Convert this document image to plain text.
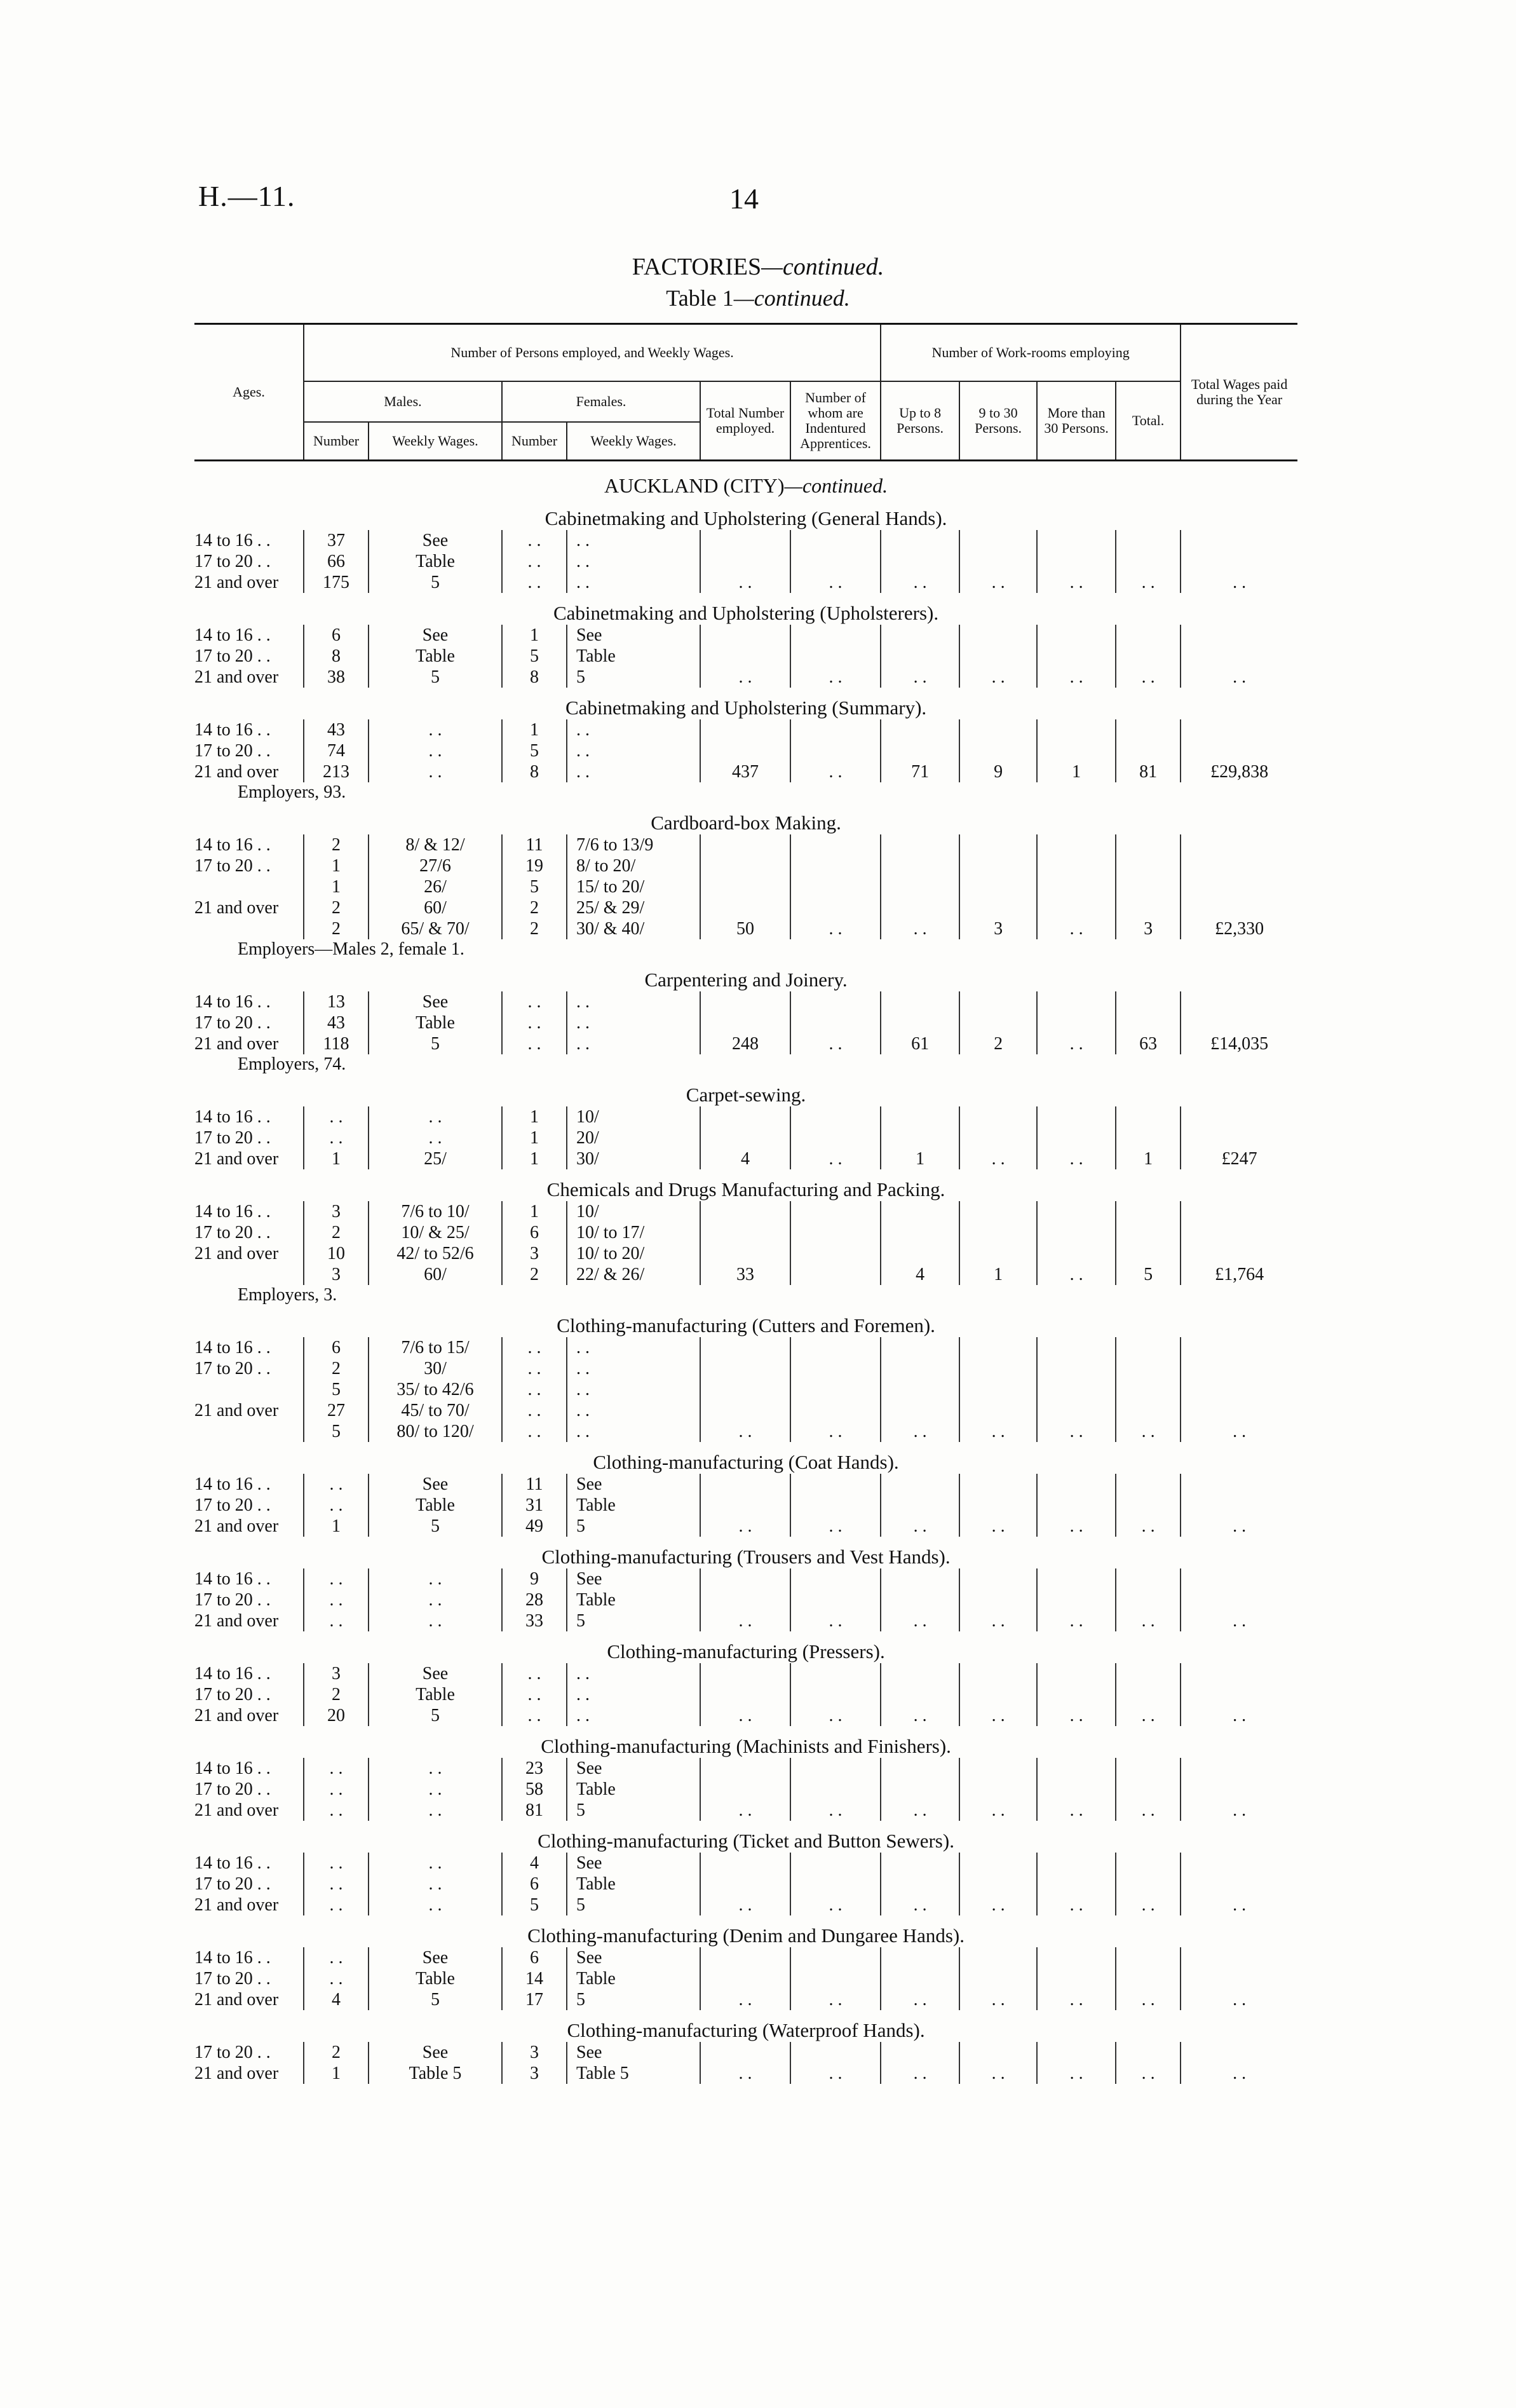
H.—11.	14
FACTORIES—continued.
Table 1—continued.
Ages.	Number of Persons employed, and Weekly Wages.						Number of Work-rooms employing				Total Wages paid during the Year
	Males.		Females.		Total Number employed.	Number of whom are Indentured Apprentices.	Up to 8 Persons.	9 to 30 Persons.	More than 30 Persons.	Total.	
	Number	Weekly Wages.	Number	Weekly Wages.							
AUCKLAND (CITY)—continued.											
Cabinetmaking and Upholstering (General Hands).											
14 to 16 . .	37	See	. .	. .							
17 to 20 . .	66	Table	. .	. .							
21 and over	175	5	. .	. .	. .	. .	. .	. .	. .	. .	. .
Cabinetmaking and Upholstering (Upholsterers).											
14 to 16 . .	6	See	1	See							
17 to 20 . .	8	Table	5	Table							
21 and over	38	5	8	5	. .	. .	. .	. .	. .	. .	. .
Cabinetmaking and Upholstering (Summary).											
14 to 16 . .	43	. .	1	. .							
17 to 20 . .	74	. .	5	. .							
21 and over	213	. .	8	. .	437	. .	71	9	1	81	£29,838
Employers, 93.											
Cardboard-box Making.											
14 to 16 . .	2	8/ & 12/	11	7/6 to 13/9							
17 to 20 . .	1	27/6	19	8/ to 20/							
	1	26/	5	15/ to 20/							
21 and over	2	60/	2	25/ & 29/							
	2	65/ & 70/	2	30/ & 40/	50	. .	. .	3	. .	3	£2,330
Employers—Males 2, female 1.											
Carpentering and Joinery.											
14 to 16 . .	13	See	. .	. .							
17 to 20 . .	43	Table	. .	. .							
21 and over	118	5	. .	. .	248	. .	61	2	. .	63	£14,035
Employers, 74.											
Carpet-sewing.											
14 to 16 . .	. .	. .	1	10/							
17 to 20 . .	. .	. .	1	20/							
21 and over	1	25/	1	30/	4	. .	1	. .	. .	1	£247
Chemicals and Drugs Manufacturing and Packing.											
14 to 16 . .	3	7/6 to 10/	1	10/							
17 to 20 . .	2	10/ & 25/	6	10/ to 17/							
21 and over	10	42/ to 52/6	3	10/ to 20/							
	3	60/	2	22/ & 26/	33		4	1	. .	5	£1,764
Employers, 3.											
Clothing-manufacturing (Cutters and Foremen).											
14 to 16 . .	6	7/6 to 15/	. .	. .							
17 to 20 . .	2	30/	. .	. .							
	5	35/ to 42/6	. .	. .							
21 and over	27	45/ to 70/	. .	. .							
	5	80/ to 120/	. .	. .	. .	. .	. .	. .	. .	. .	. .
Clothing-manufacturing (Coat Hands).											
14 to 16 . .	. .	See	11	See							
17 to 20 . .	. .	Table	31	Table							
21 and over	1	5	49	5	. .	. .	. .	. .	. .	. .	. .
Clothing-manufacturing (Trousers and Vest Hands).											
14 to 16 . .	. .	. .	9	See							
17 to 20 . .	. .	. .	28	Table							
21 and over	. .	. .	33	5	. .	. .	. .	. .	. .	. .	. .
Clothing-manufacturing (Pressers).											
14 to 16 . .	3	See	. .	. .							
17 to 20 . .	2	Table	. .	. .							
21 and over	20	5	. .	. .	. .	. .	. .	. .	. .	. .	. .
Clothing-manufacturing (Machinists and Finishers).											
14 to 16 . .	. .	. .	23	See							
17 to 20 . .	. .	. .	58	Table							
21 and over	. .	. .	81	5	. .	. .	. .	. .	. .	. .	. .
Clothing-manufacturing (Ticket and Button Sewers).											
14 to 16 . .	. .	. .	4	See							
17 to 20 . .	. .	. .	6	Table							
21 and over	. .	. .	5	5	. .	. .	. .	. .	. .	. .	. .
Clothing-manufacturing (Denim and Dungaree Hands).											
14 to 16 . .	. .	See	6	See							
17 to 20 . .	. .	Table	14	Table							
21 and over	4	5	17	5	. .	. .	. .	. .	. .	. .	. .
Clothing-manufacturing (Waterproof Hands).											
17 to 20 . .	2	See	3	See							
21 and over	1	Table 5	3	Table 5	. .	. .	. .	. .	. .	. .	. .
